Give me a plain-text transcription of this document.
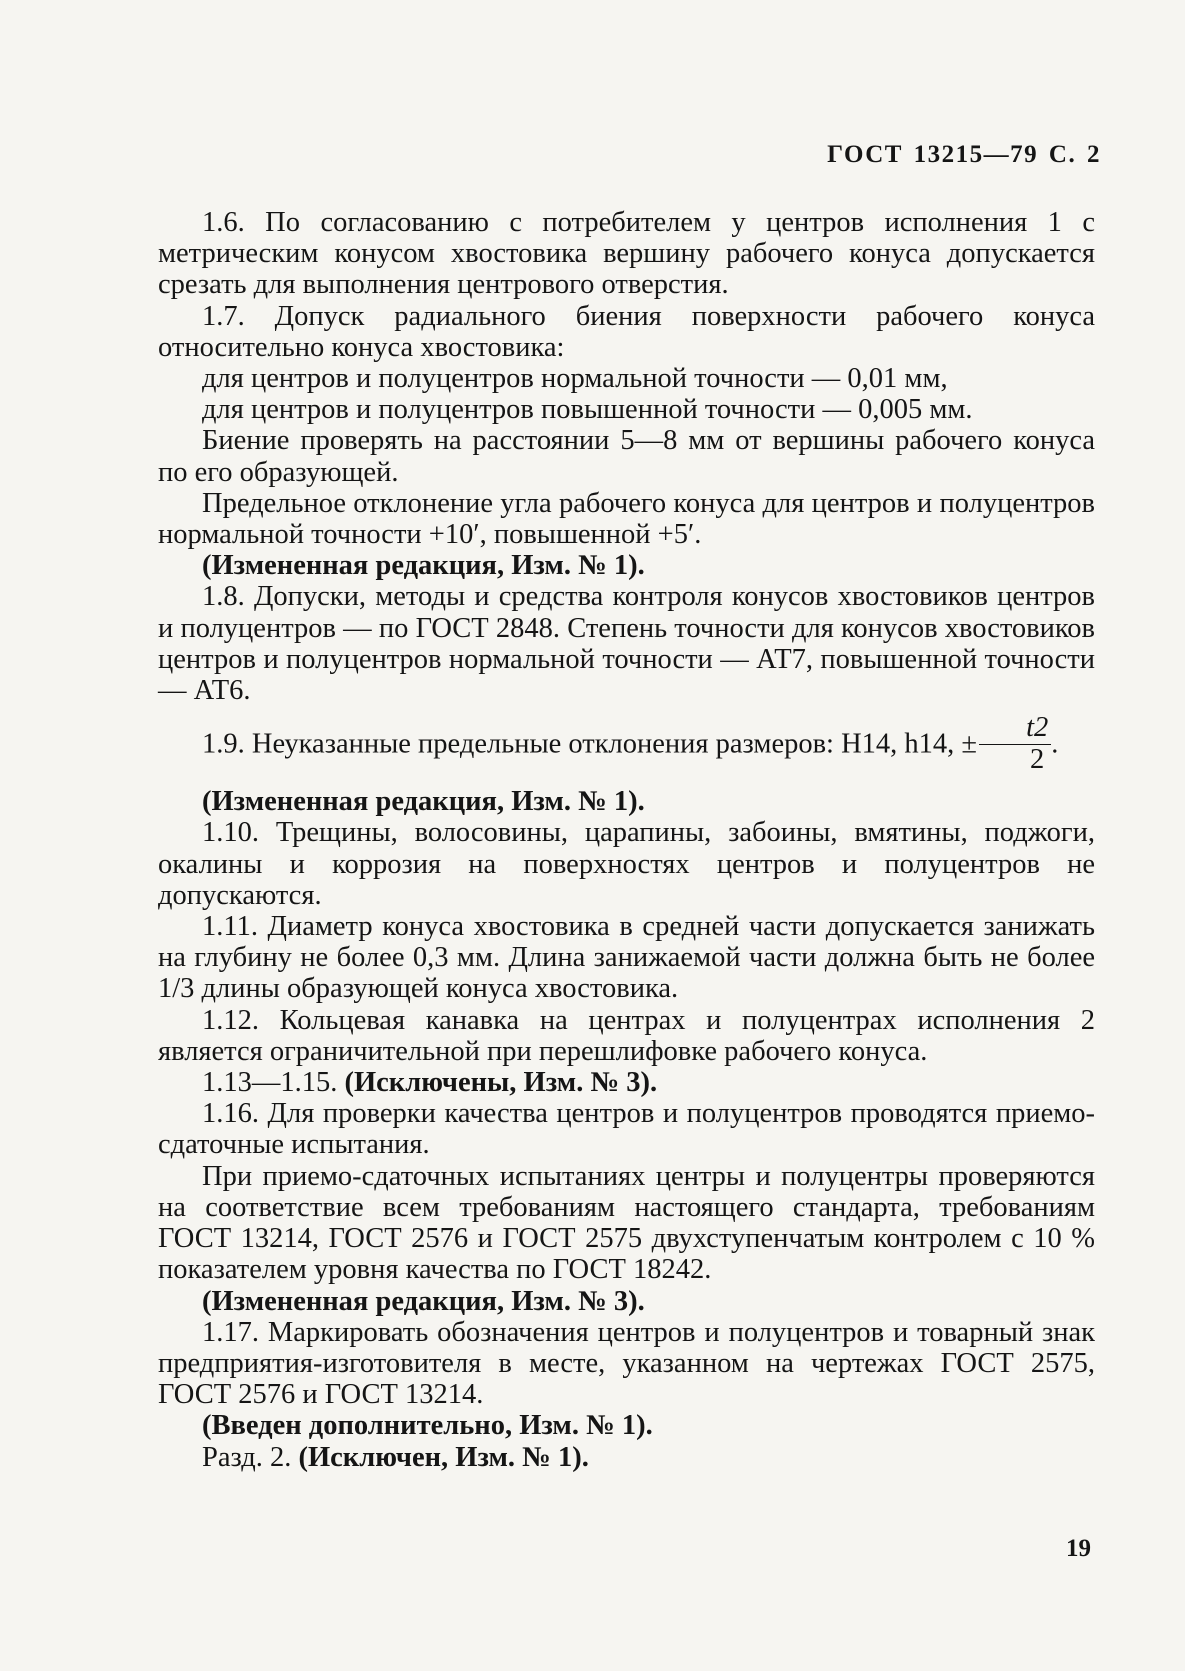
ГОСТ 13215—79 С. 2

1.6. По согласованию с потребителем у центров исполнения 1 с метрическим конусом хвостовика вершину рабочего конуса допускается срезать для выполнения центрового отверстия.

1.7. Допуск радиального биения поверхности рабочего конуса относительно конуса хвостовика:

для центров и полуцентров нормальной точности — 0,01 мм,

для центров и полуцентров повышенной точности — 0,005 мм.

Биение проверять на расстоянии 5—8 мм от вершины рабочего конуса по его образующей.

Предельное отклонение угла рабочего конуса для центров и полуцентров нормальной точности +10′, повышенной +5′.

(Измененная редакция, Изм. № 1).

1.8. Допуски, методы и средства контроля конусов хвостовиков центров и полуцентров — по ГОСТ 2848. Степень точности для конусов хвостовиков центров и полуцентров нормальной точности — АТ7, повышенной точности — АТ6.

1.9. Неуказанные предельные отклонения размеров: Н14, h14, ± $\frac{t2}{2}$ .

(Измененная редакция, Изм. № 1).

1.10. Трещины, волосовины, царапины, забоины, вмятины, поджоги, окалины и коррозия на поверхностях центров и полуцентров не допускаются.

1.11. Диаметр конуса хвостовика в средней части допускается занижать на глубину не более 0,3 мм. Длина занижаемой части должна быть не более 1/3 длины образующей конуса хвостовика.

1.12. Кольцевая канавка на центрах и полуцентрах исполнения 2 является ограничительной при перешлифовке рабочего конуса.

1.13—1.15. (Исключены, Изм. № 3).

1.16. Для проверки качества центров и полуцентров проводятся приемо-сдаточные испытания.

При приемо-сдаточных испытаниях центры и полуцентры проверяются на соответствие всем требованиям настоящего стандарта, требованиям ГОСТ 13214, ГОСТ 2576 и ГОСТ 2575 двухступенчатым контролем с 10 % показателем уровня качества по ГОСТ 18242.

(Измененная редакция, Изм. № 3).

1.17. Маркировать обозначения центров и полуцентров и товарный знак предприятия-изготовителя в месте, указанном на чертежах ГОСТ 2575, ГОСТ 2576 и ГОСТ 13214.

(Введен дополнительно, Изм. № 1).

Разд. 2. (Исключен, Изм. № 1).

19
